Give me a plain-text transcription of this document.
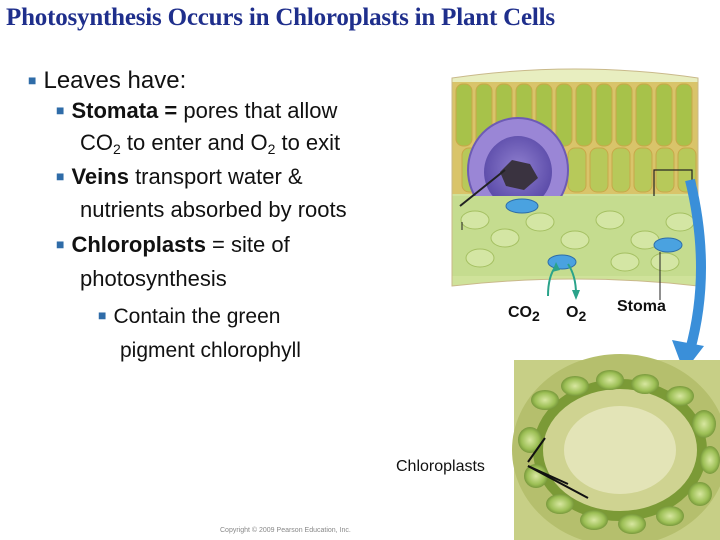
Photosynthesis Occurs in Chloroplasts in Plant Cells
■ Leaves have:
■ Stomata = pores that allow
$CO_2$ to enter and $O_2$ to exit
■ Veins transport water &
nutrients absorbed by roots
■ Chloroplasts = site of
photosynthesis
■ Contain the green
pigment chlorophyll
$CO_2$ $O_2$
Stoma
Chloroplasts
Copyright © 2009 Pearson Education, Inc.
